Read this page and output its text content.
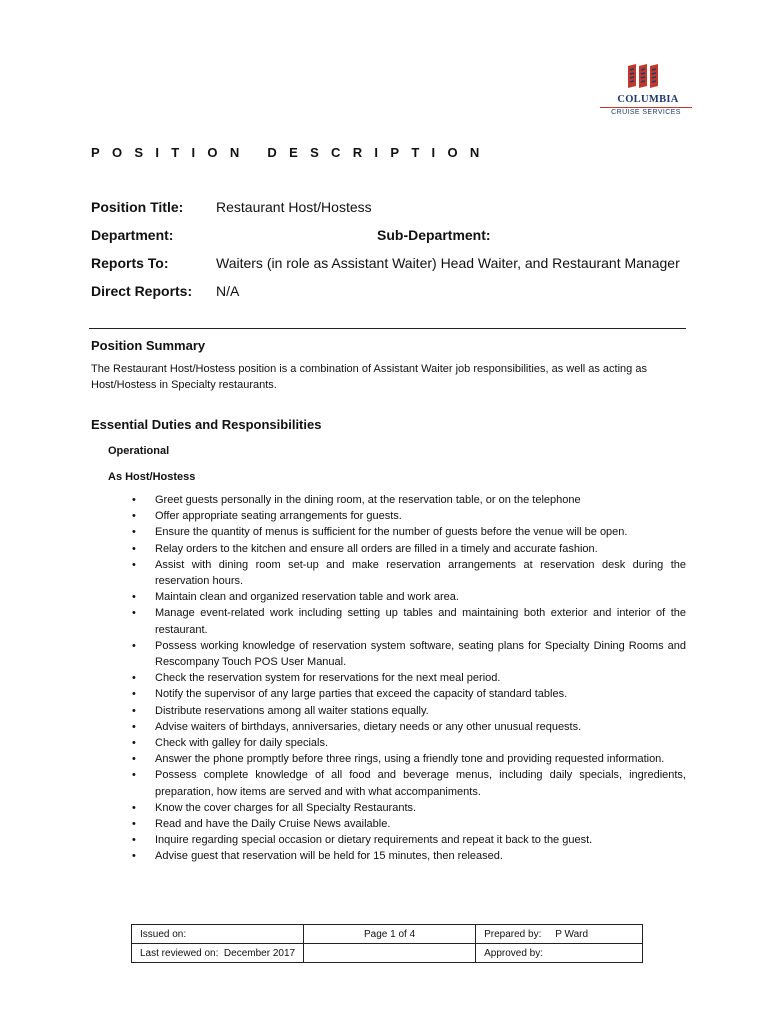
COLUMBIA
CRUISE SERVICES
POSITION DESCRIPTION
Position Title: Restaurant Host/Hostess
Department:	Sub-Department:
Reports To:	Waiters (in role as Assistant Waiter) Head Waiter, and Restaurant Manager
Direct Reports: N/A
Position Summary
The Restaurant Host/Hostess position is a combination of Assistant Waiter job responsibilities, as well as acting as Host/Hostess in Specialty restaurants.
Essential Duties and Responsibilities
Operational
As Host/Hostess
• Greet guests personally in the dining room, at the reservation table, or on the telephone
• Offer appropriate seating arrangements for guests.
• Ensure the quantity of menus is sufficient for the number of guests before the venue will be open.
• Relay orders to the kitchen and ensure all orders are filled in a timely and accurate fashion.
• Assist with dining room set-up and make reservation arrangements at reservation desk during the reservation hours.
• Maintain clean and organized reservation table and work area.
• Manage event-related work including setting up tables and maintaining both exterior and interior of the restaurant.
• Possess working knowledge of reservation system software, seating plans for Specialty Dining Rooms and Rescompany Touch POS User Manual.
• Check the reservation system for reservations for the next meal period.
• Notify the supervisor of any large parties that exceed the capacity of standard tables.
• Distribute reservations among all waiter stations equally.
• Advise waiters of birthdays, anniversaries, dietary needs or any other unusual requests.
• Check with galley for daily specials.
• Answer the phone promptly before three rings, using a friendly tone and providing requested information.
• Possess complete knowledge of all food and beverage menus, including daily specials, ingredients, preparation, how items are served and with what accompaniments.
• Know the cover charges for all Specialty Restaurants.
• Read and have the Daily Cruise News available.
• Inquire regarding special occasion or dietary requirements and repeat it back to the guest.
• Advise guest that reservation will be held for 15 minutes, then released.
Issued on:	Page 1 of 4	Prepared by:     P Ward
Last reviewed on:  December 2017		Approved by:
